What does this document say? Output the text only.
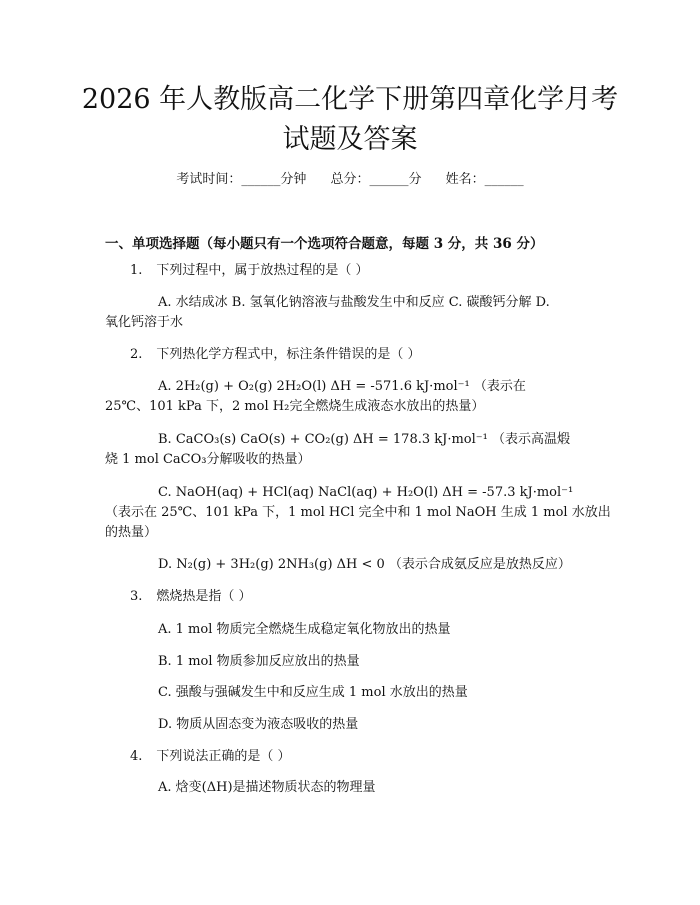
2026 年人教版高二化学下册第四章化学月考
试题及答案
考试时间：______分钟 总分：______分 姓名：______
一、单项选择题（每小题只有一个选项符合题意，每题 3 分，共 36 分）
1. 下列过程中，属于放热过程的是（ ）
A. 水结成冰 B. 氢氧化钠溶液与盐酸发生中和反应 C. 碳酸钙分解 D.
氧化钙溶于水
2. 下列热化学方程式中，标注条件错误的是（ ）
A. 2H₂(g) + O₂(g) 2H₂O(l) ΔH = -571.6 kJ·mol⁻¹ （表示在
25℃、101 kPa 下，2 mol H₂完全燃烧生成液态水放出的热量）
B. CaCO₃(s) CaO(s) + CO₂(g) ΔH = 178.3 kJ·mol⁻¹ （表示高温煅
烧 1 mol CaCO₃分解吸收的热量）
C. NaOH(aq) + HCl(aq) NaCl(aq) + H₂O(l) ΔH = -57.3 kJ·mol⁻¹
（表示在 25℃、101 kPa 下，1 mol HCl 完全中和 1 mol NaOH 生成 1 mol 水放出
的热量）
D. N₂(g) + 3H₂(g) 2NH₃(g) ΔH < 0 （表示合成氨反应是放热反应）
3. 燃烧热是指（ ）
A. 1 mol 物质完全燃烧生成稳定氧化物放出的热量
B. 1 mol 物质参加反应放出的热量
C. 强酸与强碱发生中和反应生成 1 mol 水放出的热量
D. 物质从固态变为液态吸收的热量
4. 下列说法正确的是（ ）
A. 焓变(ΔH)是描述物质状态的物理量
